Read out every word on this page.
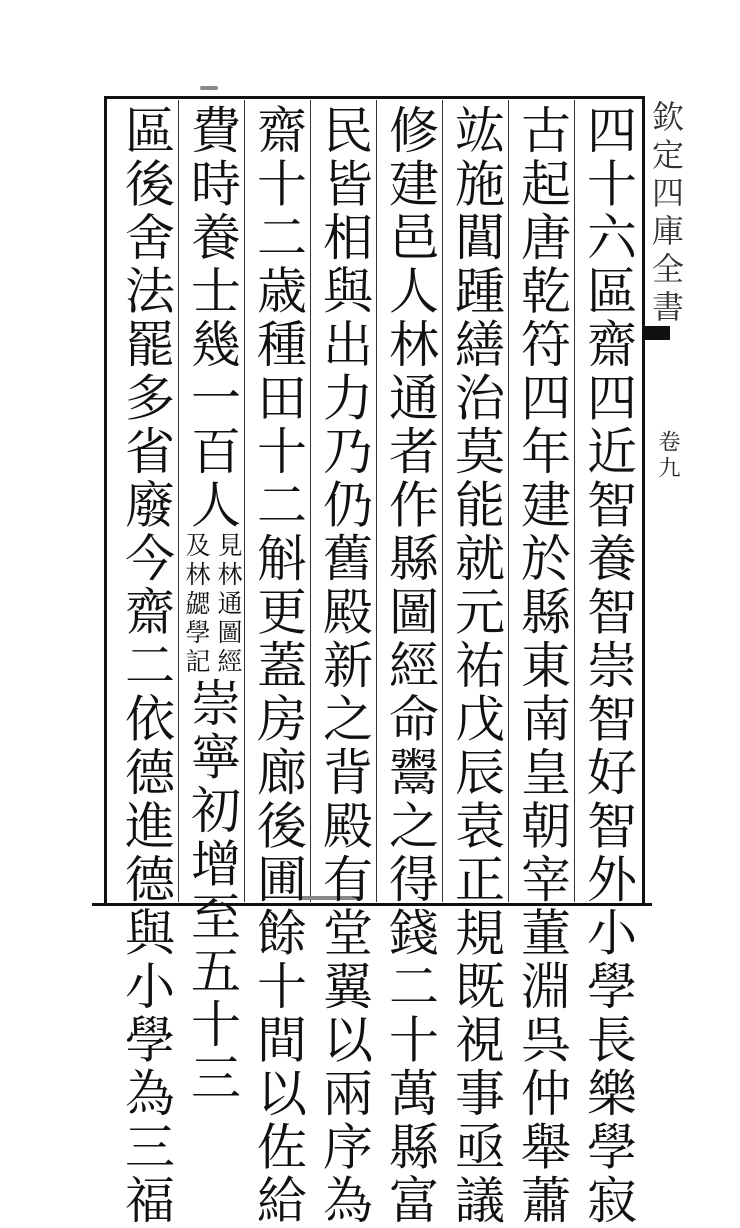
欽定四庫全書
卷九
四十六區齋四近智養智崇智好智外小學長樂學寂
古起唐乾符四年建於縣東南皇朝宰董淵呉仲舉蕭
竑施閶踵繕治莫能就元祐戊辰袁正規既視事亟議
修建邑人林通者作縣圖經命鬻之得錢二十萬縣富
民皆相與出力乃仍舊殿新之背殿有堂翼以兩序為
齋十二歳種田十二斛更蓋房廊後圃餘十間以佐給
費時養士幾一百人
見林通圖經
及林勰學記
崇寧初增至五十三
區後舍法罷多省廢今齋二依德進德與小學為三福
